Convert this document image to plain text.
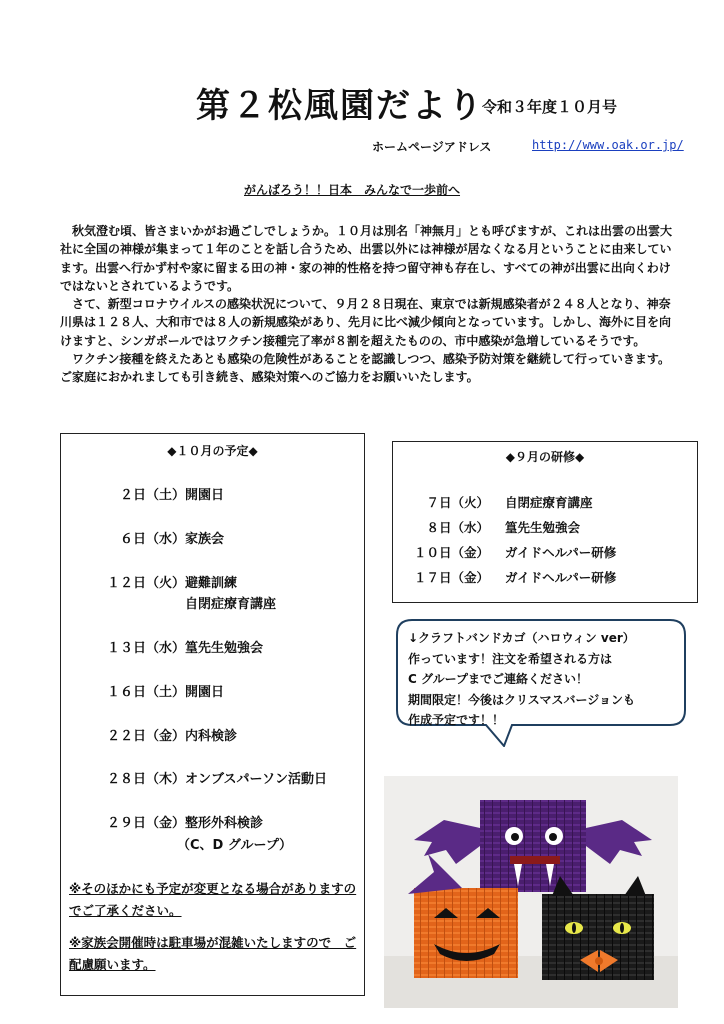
第２松風園だより
令和３年度１０月号
ホームページアドレス	http://www.oak.or.jp/
がんばろう！！日本　みんなで一歩前へ

秋気澄む頃、皆さまいかがお過ごしでしょうか。１０月は別名「神無月」とも呼びますが、これは出雲の出雲大社に全国の神様が集まって１年のことを話し合うため、出雲以外には神様が居なくなる月ということに由来しています。出雲へ行かず村や家に留まる田の神・家の神的性格を持つ留守神も存在し、すべての神が出雲に出向くわけではないとされているようです。

さて、新型コロナウイルスの感染状況について、９月２８日現在、東京では新規感染者が２４８人となり、神奈川県は１２８人、大和市では８人の新規感染があり、先月に比べ減少傾向となっています。しかし、海外に目を向けますと、シンガポールではワクチン接種完了率が８割を超えたものの、市中感染が急増しているそうです。

ワクチン接種を終えたあとも感染の危険性があることを認識しつつ、感染予防対策を継続して行っていきます。ご家庭におかれましても引き続き、感染対策へのご協力をお願いいたします。

◆１０月の予定◆
２日（土） 開園日
６日（水） 家族会
１２日（火） 避難訓練
自閉症療育講座
１３日（水） 篁先生勉強会
１６日（土） 開園日
２２日（金） 内科検診
２８日（木） オンブスパーソン活動日
２９日（金） 整形外科検診
（C、D グループ）
※そのほかにも予定が変更となる場合がありますのでご了承ください。
※家族会開催時は駐車場が混雑いたしますので　ご配慮願います。
◆９月の研修◆
７日（火） 自閉症療育講座
８日（水） 篁先生勉強会
１０日（金） ガイドヘルパー研修
１７日（金） ガイドヘルパー研修
↓クラフトバンドカゴ（ハロウィン ver）
作っています！注文を希望される方は
C グループまでご連絡ください！
期間限定！今後はクリスマスバージョンも
作成予定です！！
